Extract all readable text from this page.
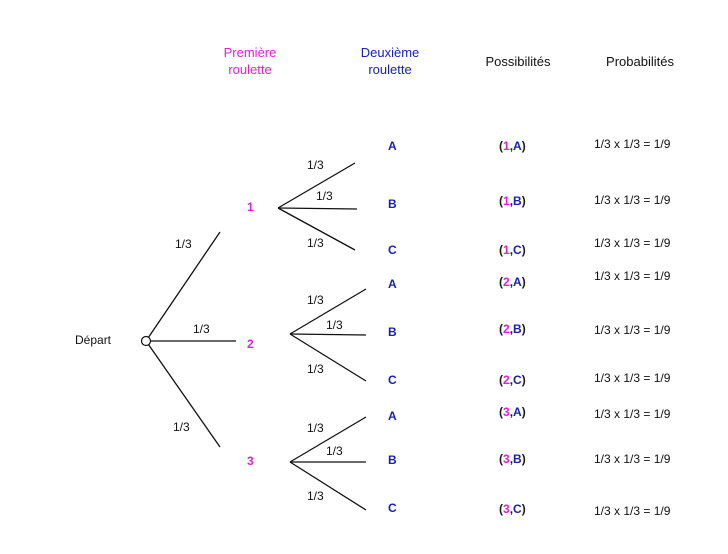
Première
roulette
Deuxième
roulette
Possibilités	Probabilités
Départ
1/3
1/3
1/3
1
2
3
1/3
1/3
1/3
1/3
1/3
1/3
1/3
1/3
1/3
A
B
C
A
B
C
A
B
C
(1,A)
(1,B)
(1,C)
(2,A)
(2,B)
(2,C)
(3,A)
(3,B)
(3,C)
1/3 x 1/3 = 1/9
1/3 x 1/3 = 1/9
1/3 x 1/3 = 1/9
1/3 x 1/3 = 1/9
1/3 x 1/3 = 1/9
1/3 x 1/3 = 1/9
1/3 x 1/3 = 1/9
1/3 x 1/3 = 1/9
1/3 x 1/3 = 1/9
